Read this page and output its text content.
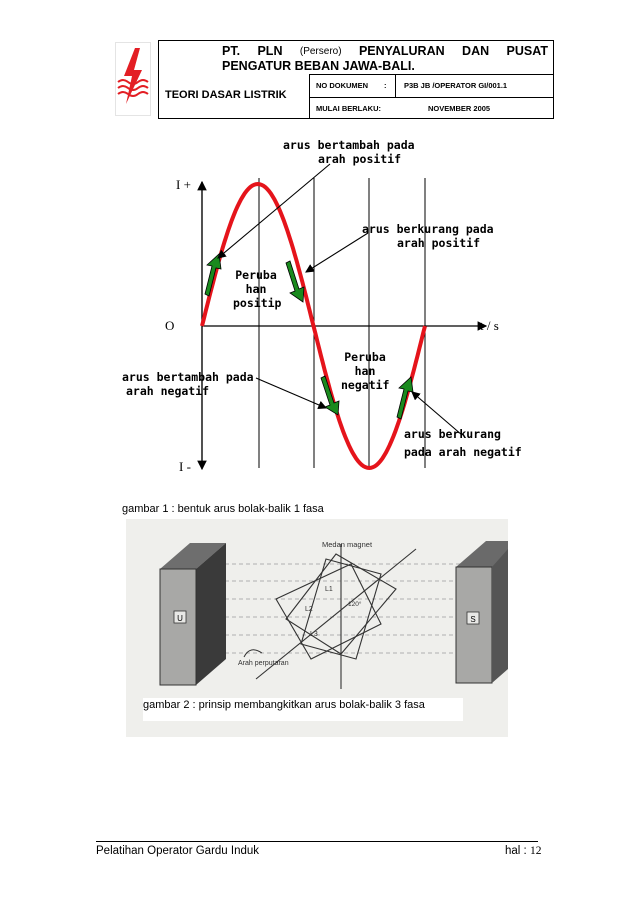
PT. PLN (Persero) PENYALURAN DAN PUSAT
PENGATUR BEBAN JAWA-BALI.
TEORI DASAR LISTRIK
NO DOKUMEN : P3B JB /OPERATOR GI/001.1
MULAI BERLAKU:	NOVEMBER 2005
I +
I -
O	t / s
arus bertambah pada
arah positif
arus berkurang pada
arah positif
Peruba
han
positip
Peruba
han
negatif
arus bertambah pada
arah negatif
arus berkurang
pada arah negatif
gambar 1 : bentuk arus bolak-balik 1 fasa
U	S
Medan magnet
L1
120°
L2
L3
Arah perputaran
gambar 2 : prinsip membangkitkan arus bolak-balik 3 fasa
Pelatihan Operator Gardu Induk	hal : 12
